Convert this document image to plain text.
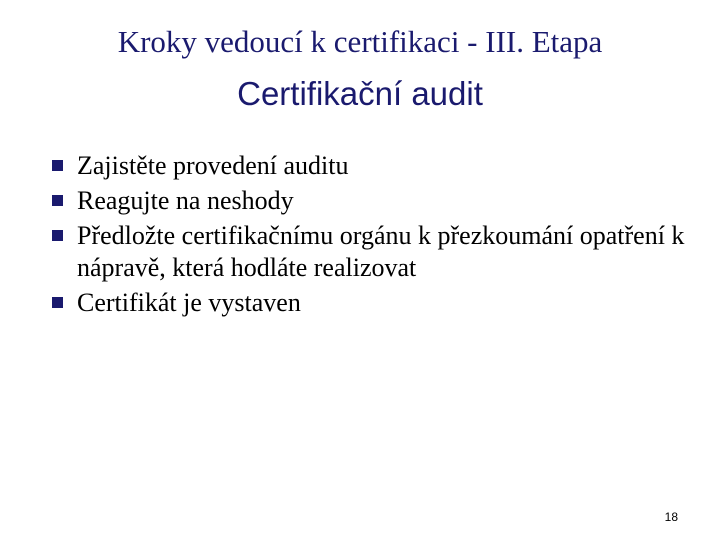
Kroky vedoucí k certifikaci - III. Etapa
Certifikační audit
Zajistěte provedení auditu
Reagujte na neshody
Předložte certifikačnímu orgánu k přezkoumání opatření k nápravě, která hodláte realizovat
Certifikát je vystaven
18
